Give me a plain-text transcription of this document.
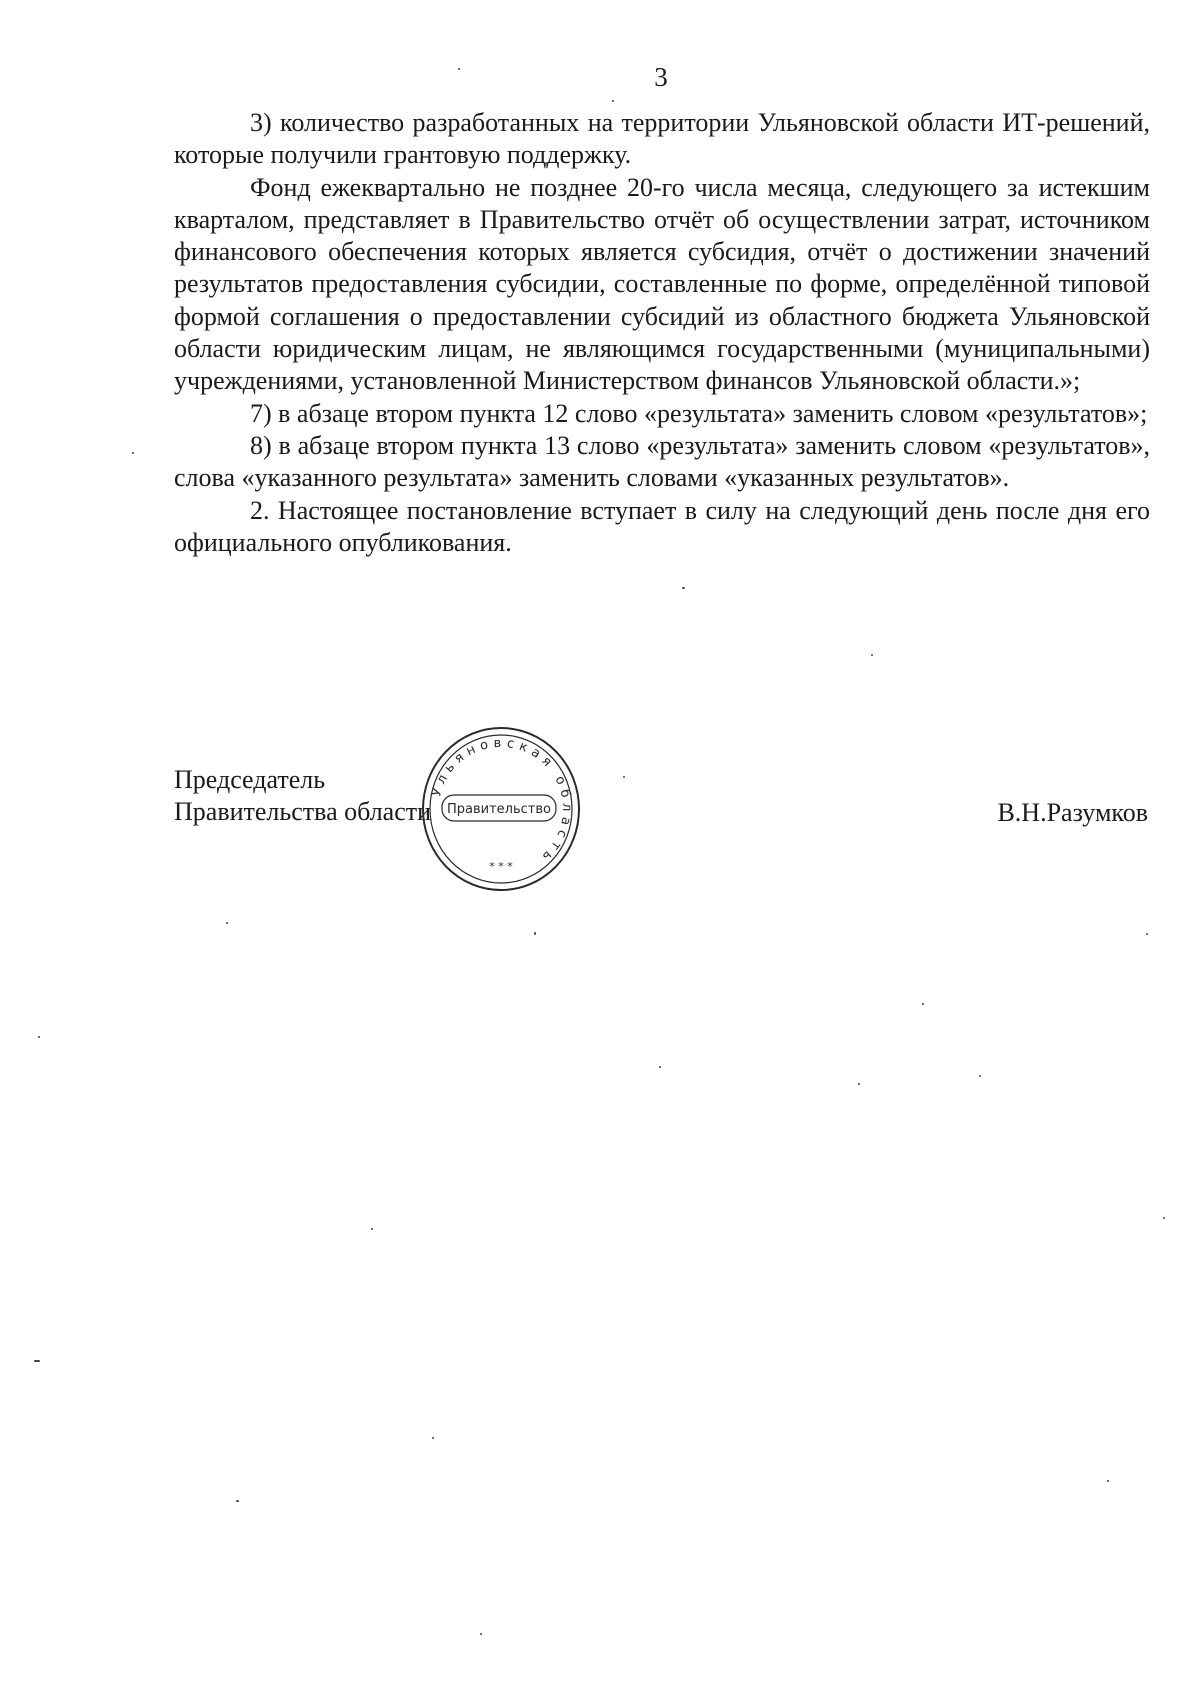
3

3) количество разработанных на территории Ульяновской области ИТ-решений, которые получили грантовую поддержку.

Фонд ежеквартально не позднее 20-го числа месяца, следующего за истекшим кварталом, представляет в Правительство отчёт об осуществлении затрат, источником финансового обеспечения которых является субсидия, отчёт о достижении значений результатов предоставления субсидии, составленные по форме, определённой типовой формой соглашения о предоставлении субсидий из областного бюджета Ульяновской области юридическим лицам, не являющимся государственными (муниципальными) учреждениями, установленной Министерством финансов Ульяновской области.»;

7) в абзаце втором пункта 12 слово «результата» заменить словом «результатов»;

8) в абзаце втором пункта 13 слово «результата» заменить словом «результатов», слова «указанного результата» заменить словами «указанных результатов».

2. Настоящее постановление вступает в силу на следующий день после дня его официального опубликования.

Председатель
Правительства области	В.Н.Разумков
Ульяновская область
Правительство
* * *
